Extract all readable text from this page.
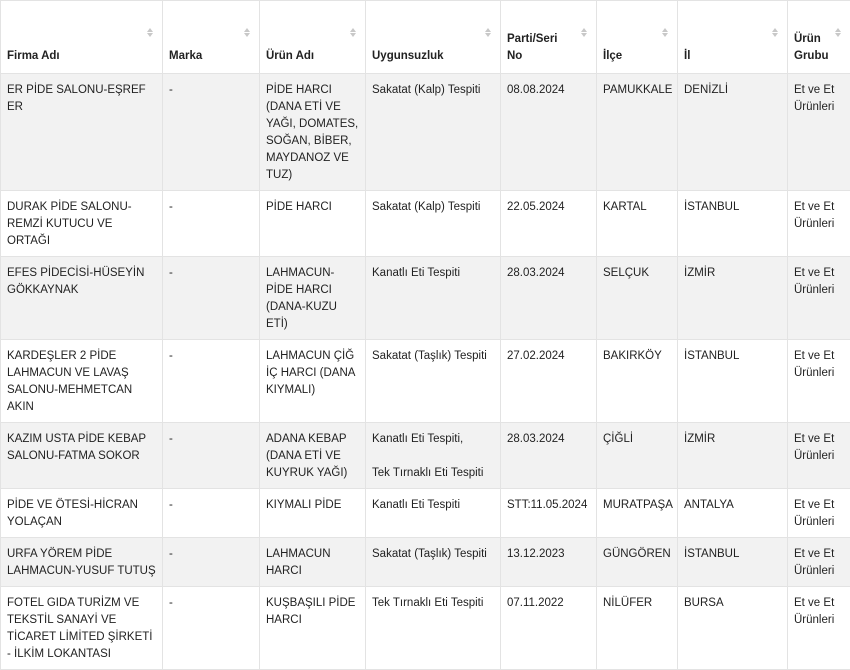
Firma Adı	Marka	Ürün Adı	Uygunsuzluk	Parti/Seri No	İlçe	İl	Ürün Grubu

ER PİDE SALONU-EŞREF ER	-	PİDE HARCI (DANA ETİ VE YAĞI, DOMATES, SOĞAN, BİBER, MAYDANOZ VE TUZ)	Sakatat (Kalp) Tespiti	08.08.2024	PAMUKKALE	DENİZLİ	Et ve Et Ürünleri
DURAK PİDE SALONU-REMZİ KUTUCU VE ORTAĞI	-	PİDE HARCI	Sakatat (Kalp) Tespiti	22.05.2024	KARTAL	İSTANBUL	Et ve Et Ürünleri
EFES PİDECİSİ-HÜSEYİN GÖKKAYNAK	-	LAHMACUN-PİDE HARCI (DANA-KUZU ETİ)	Kanatlı Eti Tespiti	28.03.2024	SELÇUK	İZMİR	Et ve Et Ürünleri
KARDEŞLER 2 PİDE LAHMACUN VE LAVAŞ SALONU-MEHMETCAN AKIN	-	LAHMACUN ÇİĞ İÇ HARCI (DANA KIYMALI)	Sakatat (Taşlık) Tespiti	27.02.2024	BAKIRKÖY	İSTANBUL	Et ve Et Ürünleri
KAZIM USTA PİDE KEBAP SALONU-FATMA SOKOR	-	ADANA KEBAP (DANA ETİ VE KUYRUK YAĞI)	Kanatlı Eti Tespiti,
Tek Tırnaklı Eti Tespiti	28.03.2024	ÇİĞLİ	İZMİR	Et ve Et Ürünleri
PİDE VE ÖTESİ-HİCRAN YOLAÇAN	-	KIYMALI PİDE	Kanatlı Eti Tespiti	STT:11.05.2024	MURATPAŞA	ANTALYA	Et ve Et Ürünleri
URFA YÖREM PİDE LAHMACUN-YUSUF TUTUŞ	-	LAHMACUN HARCI	Sakatat (Taşlık) Tespiti	13.12.2023	GÜNGÖREN	İSTANBUL	Et ve Et Ürünleri
FOTEL GIDA TURİZM VE TEKSTİL SANAYİ VE TİCARET LİMİTED ŞİRKETİ - İLKİM LOKANTASI	-	KUŞBAŞILI PİDE HARCI	Tek Tırnaklı Eti Tespiti	07.11.2022	NİLÜFER	BURSA	Et ve Et Ürünleri
